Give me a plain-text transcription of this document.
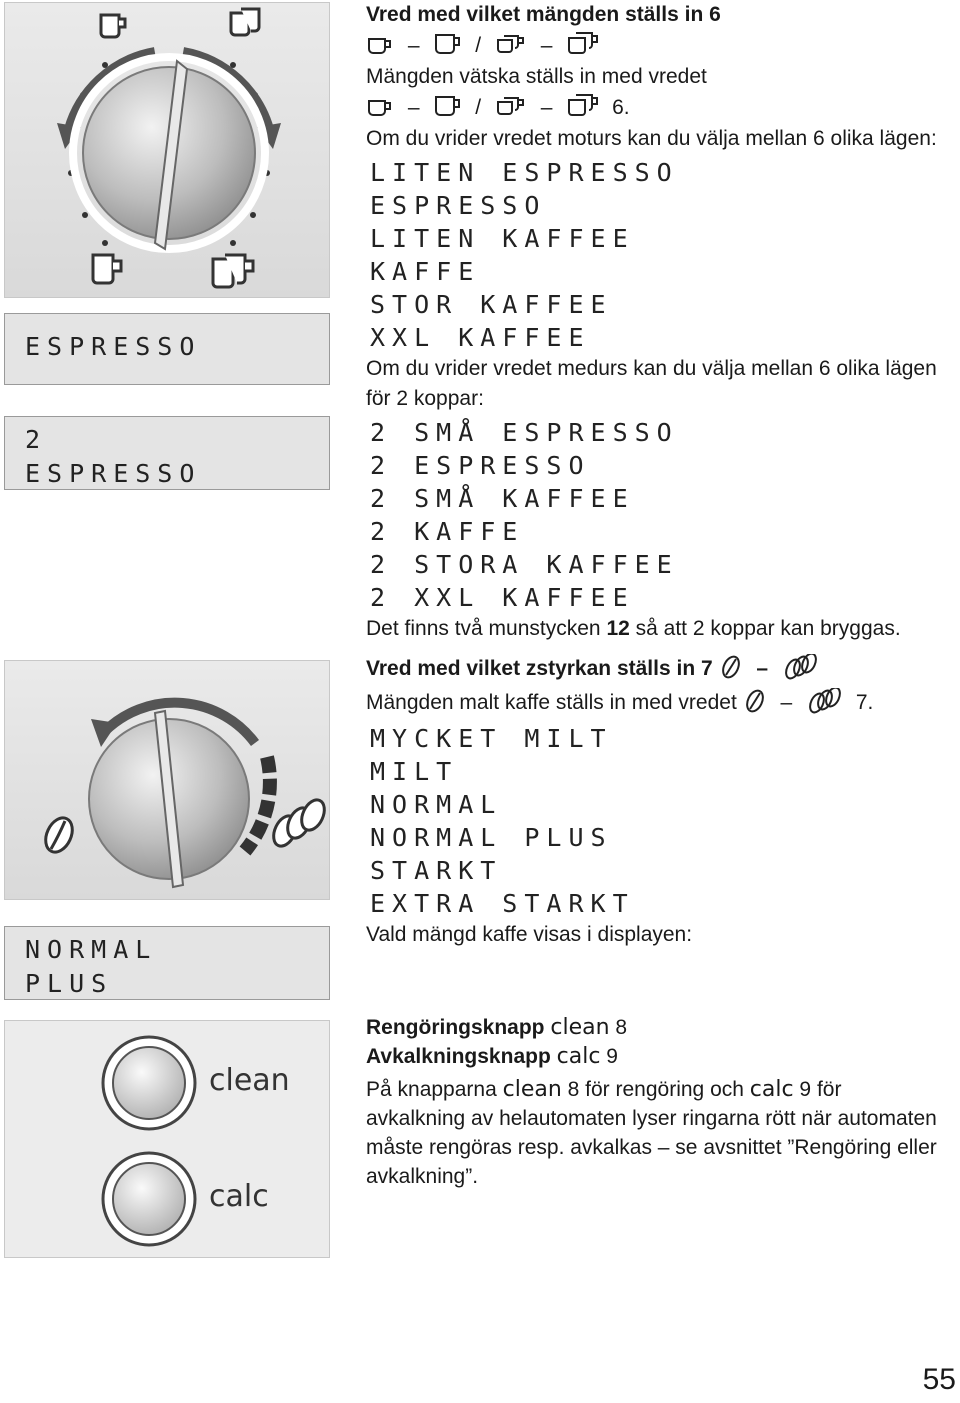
ESPRESSO
2
ESPRESSO
NORMAL
PLUS
clean
calc
Vred med vilket mängden ställs in 6
–	/	–
Mängden vätska ställs in med vredet
–	/	–	6.
Om du vrider vredet moturs kan du välja mellan 6 olika lägen:
LITEN ESPRESSO
ESPRESSO
LITEN KAFFEE
KAFFE
STOR KAFFEE
XXL KAFFEE
Om du vrider vredet medurs kan du välja mellan 6 olika lägen
för 2 koppar:
2 SMÅ ESPRESSO
2 ESPRESSO
2 SMÅ KAFFEE
2 KAFFE
2 STORA KAFFEE
2 XXL KAFFEE
Det finns två munstycken 12 så att 2 koppar kan bryggas.
Vred med vilket zstyrkan ställs in 7 –
Mängden malt kaffe ställs in med vredet –	7.
MYCKET MILT
MILT
NORMAL
NORMAL PLUS
STARKT
EXTRA STARKT
Vald mängd kaffe visas i displayen:
Rengöringsknapp clean 8
Avkalkningsknapp calc 9
På knapparna clean 8 för rengöring och calc 9 för
avkalkning av helautomaten lyser ringarna rött när automaten
måste rengöras resp. avkalkas – se avsnittet ”Rengöring eller
avkalkning”.
55
